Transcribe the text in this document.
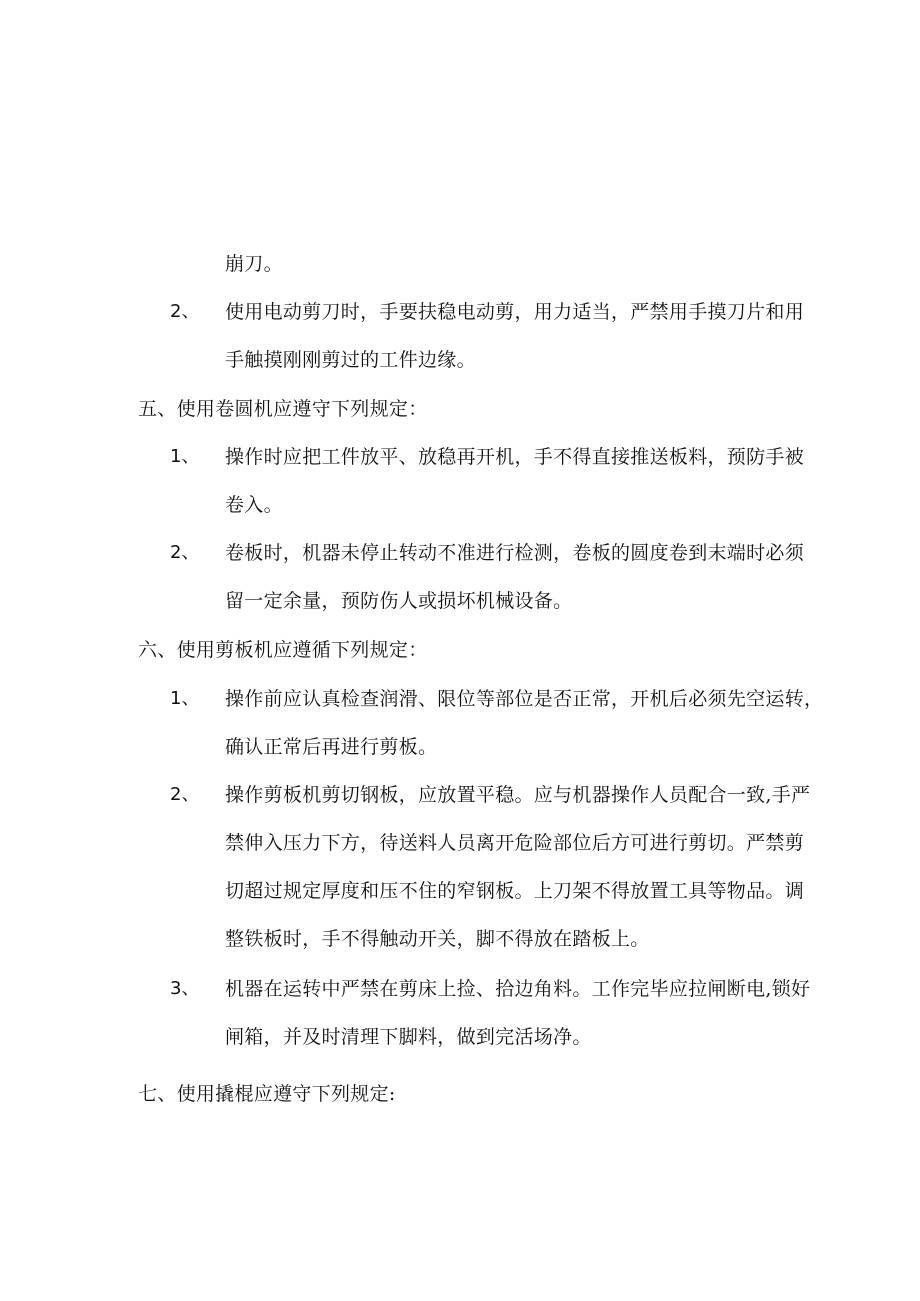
崩刀。
2、 使用电动剪刀时，手要扶稳电动剪，用力适当，严禁用手摸刀片和用
手触摸刚刚剪过的工件边缘。
五、使用卷圆机应遵守下列规定：
1、 操作时应把工件放平、放稳再开机，手不得直接推送板料，预防手被
卷入。
2、 卷板时，机器未停止转动不准进行检测，卷板的圆度卷到末端时必须
留一定余量，预防伤人或损坏机械设备。
六、使用剪板机应遵循下列规定：
1、 操作前应认真检查润滑、限位等部位是否正常，开机后必须先空运转，
确认正常后再进行剪板。
2、 操作剪板机剪切钢板，应放置平稳。应与机器操作人员配合一致,手严
禁伸入压力下方，待送料人员离开危险部位后方可进行剪切。严禁剪
切超过规定厚度和压不住的窄钢板。上刀架不得放置工具等物品。调
整铁板时，手不得触动开关，脚不得放在踏板上。
3、 机器在运转中严禁在剪床上捡、拾边角料。工作完毕应拉闸断电,锁好
闸箱，并及时清理下脚料，做到完活场净。
七、使用撬棍应遵守下列规定:
